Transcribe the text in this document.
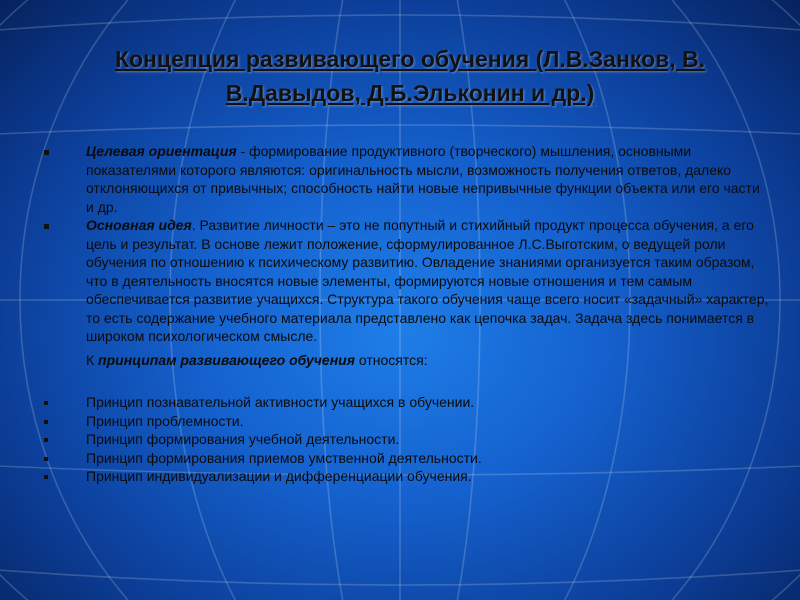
Концепция развивающего обучения (Л.В.Занков, В.
В.Давыдов, Д.Б.Эльконин и др.)

Целевая ориентация - формирование продуктивного (творческого) мышления, основными показателями которого являются: оригинальность мысли, возможность получения ответов, далеко отклоняющихся от привычных; способность найти новые непривычные функции объекта или его части и др.

Основная идея. Развитие личности – это не попутный и стихийный продукт процесса обучения, а его цель и результат. В основе лежит положение, сформулированное Л.С.Выготским, о ведущей роли обучения по отношению к психическому развитию. Овладение знаниями организуется таким образом, что в деятельность вносятся новые элементы, формируются новые отношения и тем самым обеспечивается развитие учащихся. Структура такого обучения чаще всего носит «задачный» характер, то есть содержание учебного материала представлено как цепочка задач. Задача здесь понимается в широком психологическом смысле.

К принципам развивающего обучения относятся:

Принцип познавательной активности учащихся в обучении.

Принцип проблемности.

Принцип формирования учебной деятельности.

Принцип формирования приемов умственной деятельности.

Принцип индивидуализации и дифференциации обучения.
